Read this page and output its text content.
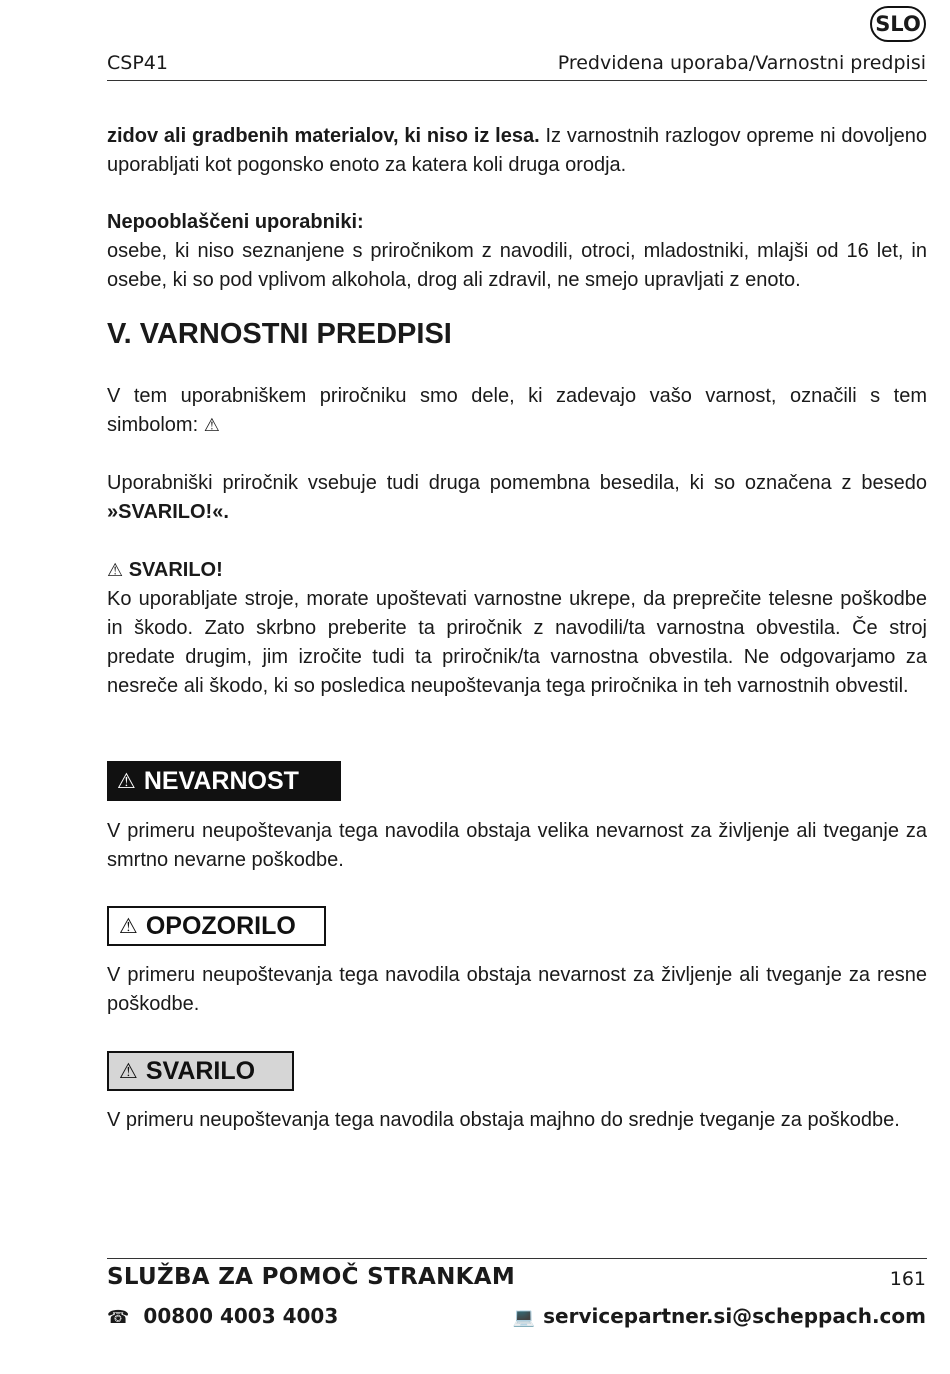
SLO
CSP41	Predvidena uporaba/Varnostni predpisi

zidov ali gradbenih materialov, ki niso iz lesa. Iz varnostnih razlogov opreme ni dovoljeno uporabljati kot pogonsko enoto za katera koli druga orodja.

Nepooblaščeni uporabniki:
osebe, ki niso seznanjene s priročnikom z navodili, otroci, mladostniki, mlajši od 16 let, in osebe, ki so pod vplivom alkohola, drog ali zdravil, ne smejo upravljati z enoto.

V. VARNOSTNI PREDPISI

V tem uporabniškem priročniku smo dele, ki zadevajo vašo varnost, označili s tem simbolom: ⚠

Uporabniški priročnik vsebuje tudi druga pomembna besedila, ki so označena z besedo »SVARILO!«.

⚠ SVARILO!
Ko uporabljate stroje, morate upoštevati varnostne ukrepe, da preprečite telesne poškodbe in škodo. Zato skrbno preberite ta priročnik z navodili/ta varnostna obvestila. Če stroj predate drugim, jim izročite tudi ta priročnik/ta varnostna obvestila. Ne odgovarjamo za nesreče ali škodo, ki so posledica neupoštevanja tega priročnika in teh varnostnih obvestil.

⚠ NEVARNOST

V primeru neupoštevanja tega navodila obstaja velika nevarnost za življenje ali tveganje za smrtno nevarne poškodbe.

⚠ OPOZORILO

V primeru neupoštevanja tega navodila obstaja nevarnost za življenje ali tveganje za resne poškodbe.

⚠ SVARILO

V primeru neupoštevanja tega navodila obstaja majhno do srednje tveganje za poškodbe.

SLUŽBA ZA POMOČ STRANKAM	161
☎ 00800 4003 4003	💻 servicepartner.si@scheppach.com
